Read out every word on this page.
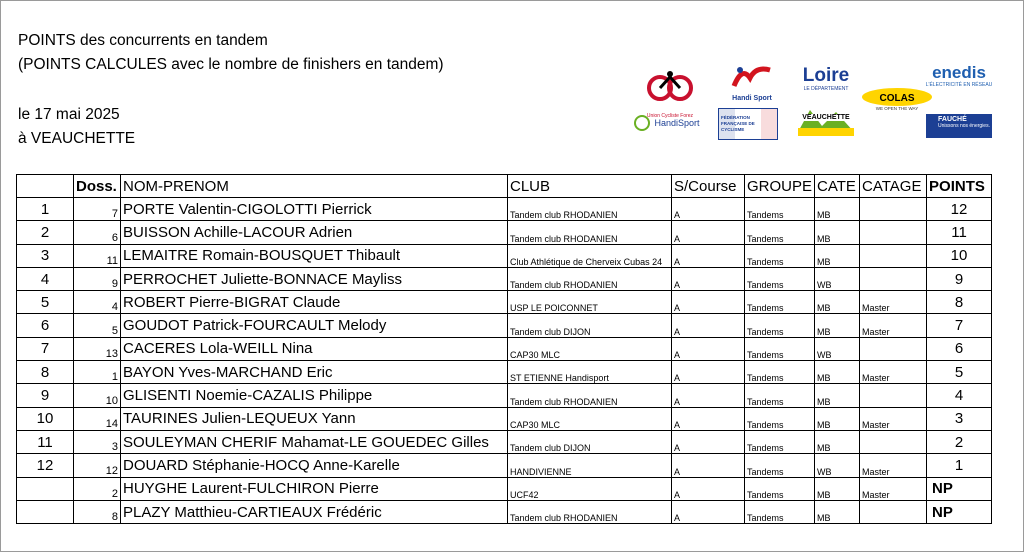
POINTS des concurrents en tandem
(POINTS CALCULES avec le nombre de finishers en tandem)
le 17 mai 2025
à VEAUCHETTE
Union Cycliste Forez
Handi Sport
Loire
LE DÉPARTEMENT
enedis
L'ÉLECTRICITÉ EN RÉSEAU
COLAS
WE OPEN THE WAY
HandiSport
FÉDÉRATION FRANÇAISE DE CYCLISME
VEAUCHETTE	FAUCHÉ
Unissons nos énergies.
	Doss.	NOM-PRENOM	CLUB	S/Course	GROUPE	CATE	CATAGE	POINTS
1	7	PORTE Valentin-CIGOLOTTI Pierrick	Tandem club RHODANIEN	A	Tandems	MB		12
2	6	BUISSON Achille-LACOUR Adrien	Tandem club RHODANIEN	A	Tandems	MB		11
3	11	LEMAITRE Romain-BOUSQUET Thibault	Club Athlétique de Cherveix Cubas 24	A	Tandems	MB		10
4	9	PERROCHET Juliette-BONNACE Mayliss	Tandem club RHODANIEN	A	Tandems	WB		9
5	4	ROBERT Pierre-BIGRAT Claude	USP LE POICONNET	A	Tandems	MB	Master	8
6	5	GOUDOT Patrick-FOURCAULT Melody	Tandem club DIJON	A	Tandems	MB	Master	7
7	13	CACERES Lola-WEILL Nina	CAP30 MLC	A	Tandems	WB		6
8	1	BAYON Yves-MARCHAND Eric	ST ETIENNE Handisport	A	Tandems	MB	Master	5
9	10	GLISENTI Noemie-CAZALIS Philippe	Tandem club RHODANIEN	A	Tandems	MB		4
10	14	TAURINES Julien-LEQUEUX Yann	CAP30 MLC	A	Tandems	MB	Master	3
11	3	SOULEYMAN CHERIF Mahamat-LE GOUEDEC Gilles	Tandem club DIJON	A	Tandems	MB		2
12	12	DOUARD Stéphanie-HOCQ Anne-Karelle	HANDIVIENNE	A	Tandems	WB	Master	1
	2	HUYGHE Laurent-FULCHIRON Pierre	UCF42	A	Tandems	MB	Master	NP
	8	PLAZY Matthieu-CARTIEAUX Frédéric	Tandem club RHODANIEN	A	Tandems	MB		NP
